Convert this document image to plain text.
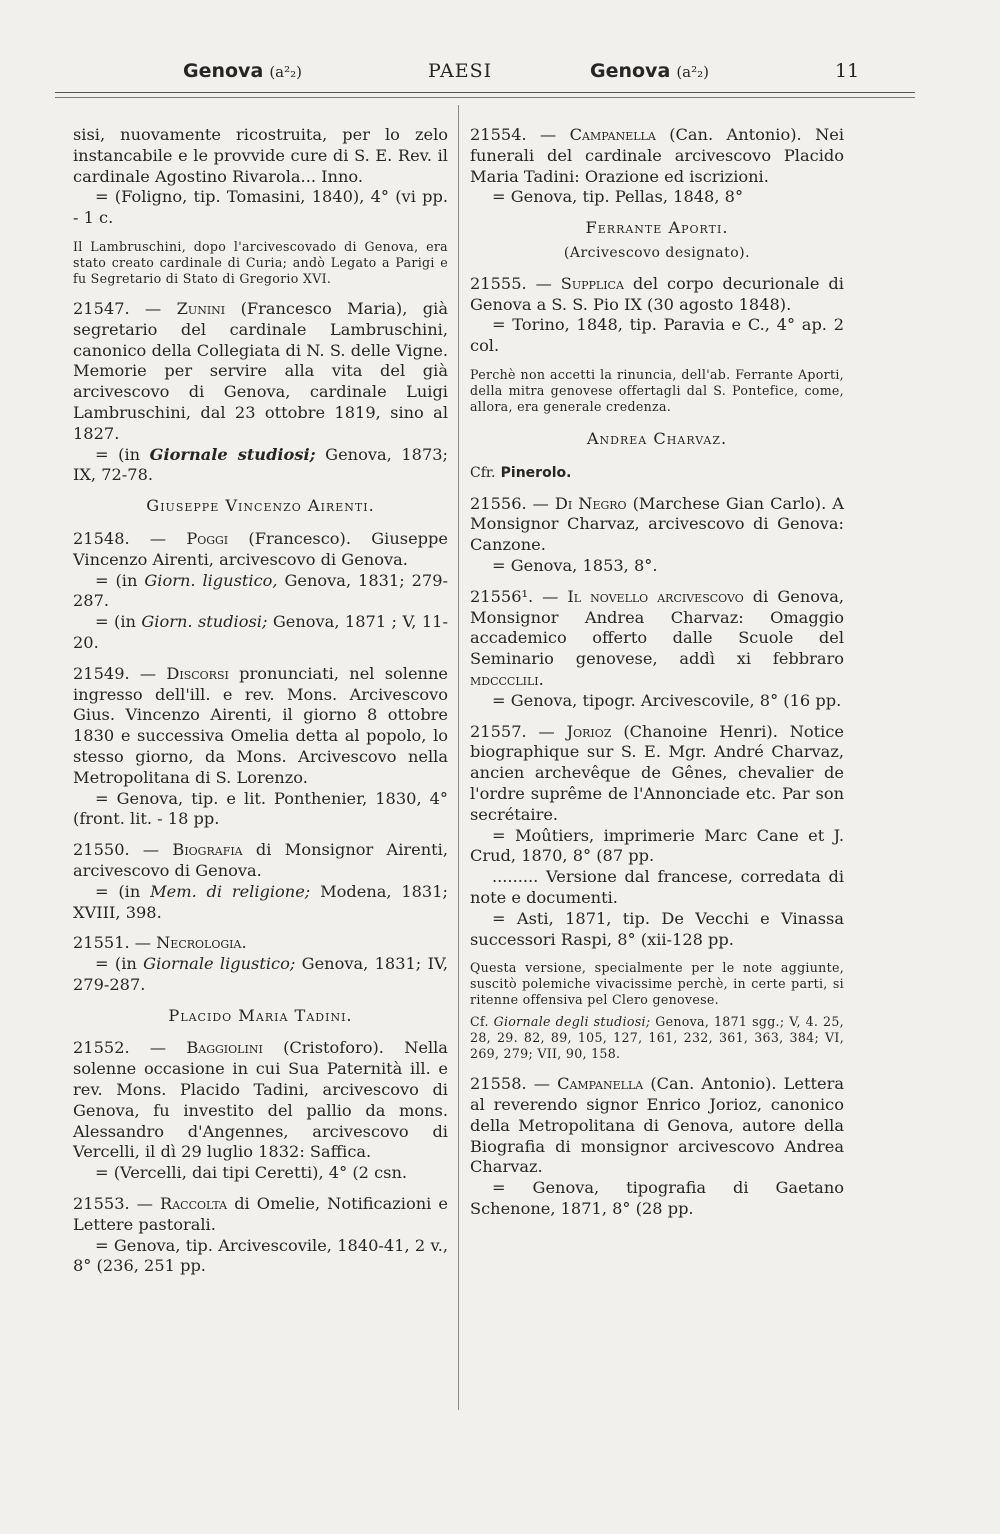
Genova (a²₂)	PAESI	Genova (a²₂)	11

sisi, nuovamente ricostruita, per lo zelo instancabile e le provvide cure di S. E. Rev. il cardinale Agostino Rivarola... Inno.
= (Foligno, tip. Tomasini, 1840), 4° (vi pp. - 1 c.

Il Lambruschini, dopo l'arcivescovado di Genova, era stato creato cardinale di Curia; andò Legato a Parigi e fu Segretario di Stato di Gregorio XVI.

21547. — Zunini (Francesco Maria), già segretario del cardinale Lambruschini, canonico della Collegiata di N. S. delle Vigne. Memorie per servire alla vita del già arcivescovo di Genova, cardinale Luigi Lambruschini, dal 23 ottobre 1819, sino al 1827.
= (in Giornale studiosi; Genova, 1873; IX, 72-78.

Giuseppe Vincenzo Airenti.

21548. — Poggi (Francesco). Giuseppe Vincenzo Airenti, arcivescovo di Genova.
= (in Giorn. ligustico, Genova, 1831; 279-287.
= (in Giorn. studiosi; Genova, 1871 ; V, 11-20.

21549. — Discorsi pronunciati, nel solenne ingresso dell'ill. e rev. Mons. Arcivescovo Gius. Vincenzo Airenti, il giorno 8 ottobre 1830 e successiva Omelia detta al popolo, lo stesso giorno, da Mons. Arcivescovo nella Metropolitana di S. Lorenzo.
= Genova, tip. e lit. Ponthenier, 1830, 4° (front. lit. - 18 pp.

21550. — Biografia di Monsignor Airenti, arcivescovo di Genova.
= (in Mem. di religione; Modena, 1831; XVIII, 398.

21551. — Necrologia.
= (in Giornale ligustico; Genova, 1831; IV, 279-287.

Placido Maria Tadini.

21552. — Baggiolini (Cristoforo). Nella solenne occasione in cui Sua Paternità ill. e rev. Mons. Placido Tadini, arcivescovo di Genova, fu investito del pallio da mons. Alessandro d'Angennes, arcivescovo di Vercelli, il dì 29 luglio 1832: Saffica.
= (Vercelli, dai tipi Ceretti), 4° (2 csn.

21553. — Raccolta di Omelie, Notificazioni e Lettere pastorali.
= Genova, tip. Arcivescovile, 1840-41, 2 v., 8° (236, 251 pp.

21554. — Campanella (Can. Antonio). Nei funerali del cardinale arcivescovo Placido Maria Tadini: Orazione ed iscrizioni.
= Genova, tip. Pellas, 1848, 8°

Ferrante Aporti.

(Arcivescovo designato).

21555. — Supplica del corpo decurionale di Genova a S. S. Pio IX (30 agosto 1848).
= Torino, 1848, tip. Paravia e C., 4° ap. 2 col.

Perchè non accetti la rinuncia, dell'ab. Ferrante Aporti, della mitra genovese offertagli dal S. Pontefice, come, allora, era generale credenza.

Andrea Charvaz.

Cfr. Pinerolo.

21556. — Di Negro (Marchese Gian Carlo). A Monsignor Charvaz, arcivescovo di Genova: Canzone.
= Genova, 1853, 8°.

21556¹. — Il novello arcivescovo di Genova, Monsignor Andrea Charvaz: Omaggio accademico offerto dalle Scuole del Seminario genovese, addì xi febbraro mdccclili.
= Genova, tipogr. Arcivescovile, 8° (16 pp.

21557. — Jorioz (Chanoine Henri). Notice biographique sur S. E. Mgr. André Charvaz, ancien archevêque de Gênes, chevalier de l'ordre suprême de l'Annonciade etc. Par son secrétaire.
= Moûtiers, imprimerie Marc Cane et J. Crud, 1870, 8° (87 pp.
......... Versione dal francese, corredata di note e documenti.
= Asti, 1871, tip. De Vecchi e Vinassa successori Raspi, 8° (xii-128 pp.

Questa versione, specialmente per le note aggiunte, suscitò polemiche vivacissime perchè, in certe parti, si ritenne offensiva pel Clero genovese.

Cf. Giornale degli studiosi; Genova, 1871 sgg.; V, 4. 25, 28, 29. 82, 89, 105, 127, 161, 232, 361, 363, 384; VI, 269, 279; VII, 90, 158.

21558. — Campanella (Can. Antonio). Lettera al reverendo signor Enrico Jorioz, canonico della Metropolitana di Genova, autore della Biografia di monsignor arcivescovo Andrea Charvaz.
= Genova, tipografia di Gaetano Schenone, 1871, 8° (28 pp.
